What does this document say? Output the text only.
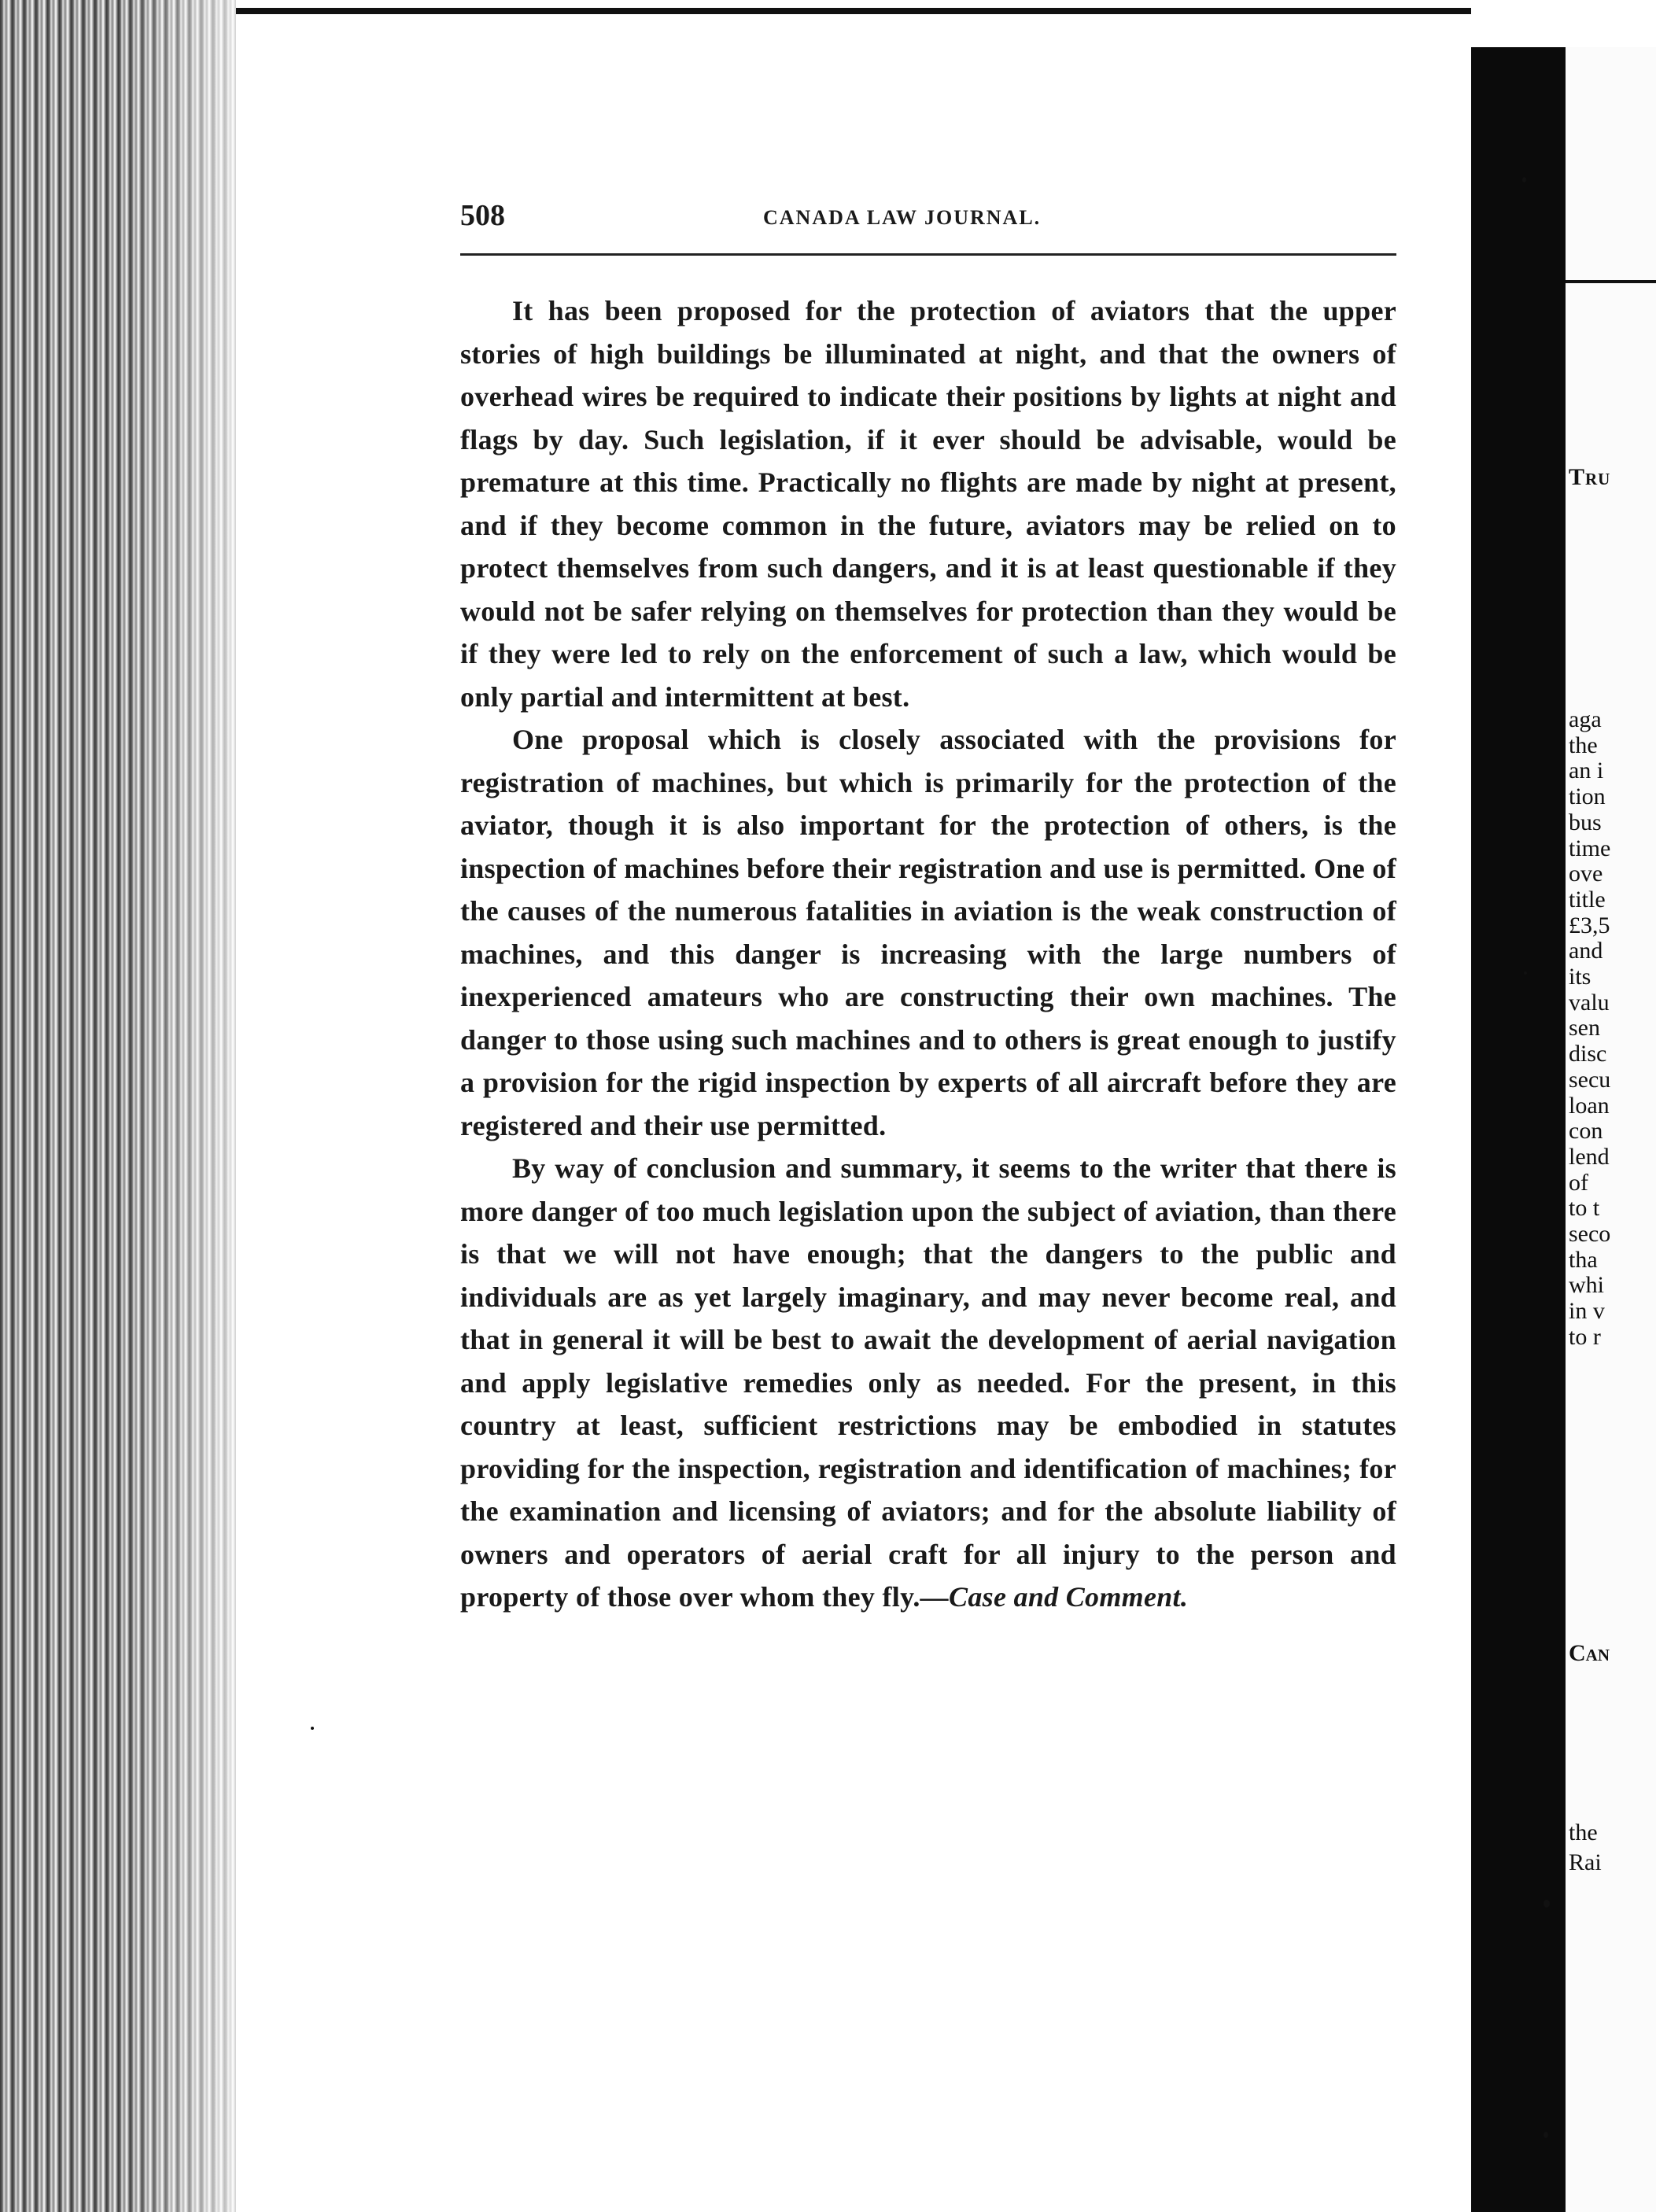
Tru
aga
the
an i
tion
bus
time
ove
title
£3,5
and
its
valu
sen
disc
secu
loan
con
lend
of
to t
seco
tha
whi
in v
to r
Can
the
Rai
508	CANADA LAW JOURNAL.

It has been proposed for the protection of aviators that the upper stories of high buildings be illuminated at night, and that the owners of overhead wires be required to indicate their positions by lights at night and flags by day. Such legislation, if it ever should be advisable, would be premature at this time. Practically no flights are made by night at present, and if they become common in the future, aviators may be relied on to protect themselves from such dangers, and it is at least questionable if they would not be safer relying on themselves for protection than they would be if they were led to rely on the enforcement of such a law, which would be only partial and intermittent at best.

One proposal which is closely associated with the provisions for registration of machines, but which is primarily for the protection of the aviator, though it is also important for the protection of others, is the inspection of machines before their registration and use is permitted. One of the causes of the numerous fatalities in aviation is the weak construction of machines, and this danger is increasing with the large numbers of inexperienced amateurs who are constructing their own machines. The danger to those using such machines and to others is great enough to justify a provision for the rigid inspection by experts of all aircraft before they are registered and their use permitted.

By way of conclusion and summary, it seems to the writer that there is more danger of too much legislation upon the subject of aviation, than there is that we will not have enough; that the dangers to the public and individuals are as yet largely imaginary, and may never become real, and that in general it will be best to await the development of aerial navigation and apply legislative remedies only as needed. For the present, in this country at least, sufficient restrictions may be embodied in statutes providing for the inspection, registration and identification of machines; for the examination and licensing of aviators; and for the absolute liability of owners and operators of aerial craft for all injury to the person and property of those over whom they fly.—Case and Comment.
